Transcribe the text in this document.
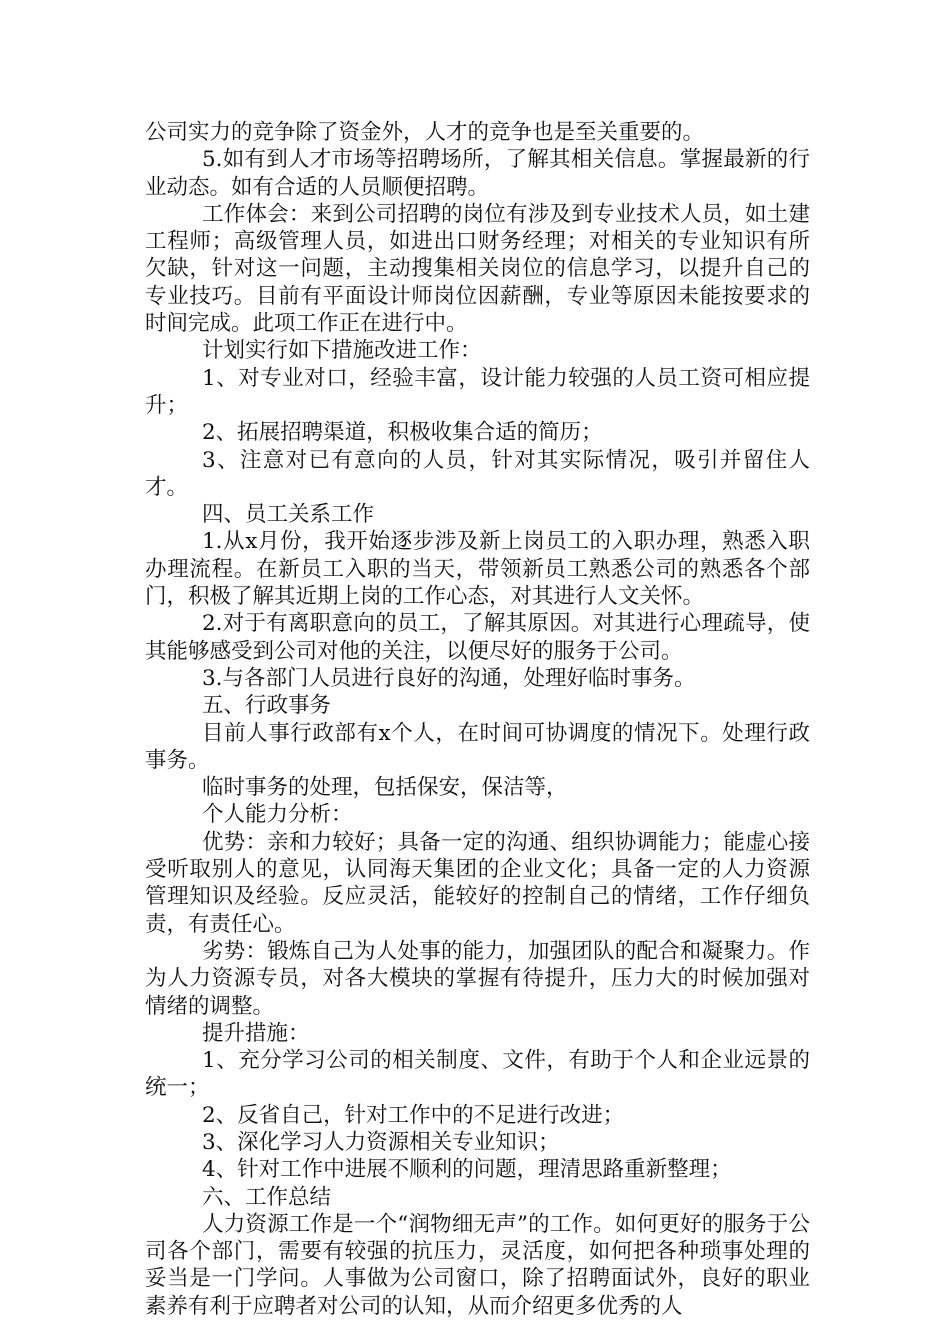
公司实力的竞争除了资金外，人才的竞争也是至关重要的。

5.如有到人才市场等招聘场所，了解其相关信息。掌握最新的行业动态。如有合适的人员顺便招聘。

工作体会：来到公司招聘的岗位有涉及到专业技术人员，如土建工程师；高级管理人员，如进出口财务经理；对相关的专业知识有所欠缺，针对这一问题，主动搜集相关岗位的信息学习，以提升自己的专业技巧。目前有平面设计师岗位因薪酬，专业等原因未能按要求的时间完成。此项工作正在进行中。

计划实行如下措施改进工作：

1、对专业对口，经验丰富，设计能力较强的人员工资可相应提升；

2、拓展招聘渠道，积极收集合适的简历；

3、注意对已有意向的人员，针对其实际情况，吸引并留住人才。

四、员工关系工作

1.从x月份，我开始逐步涉及新上岗员工的入职办理，熟悉入职办理流程。在新员工入职的当天，带领新员工熟悉公司的熟悉各个部门，积极了解其近期上岗的工作心态，对其进行人文关怀。

2.对于有离职意向的员工，了解其原因。对其进行心理疏导，使其能够感受到公司对他的关注，以便尽好的服务于公司。

3.与各部门人员进行良好的沟通，处理好临时事务。

五、行政事务

目前人事行政部有x个人，在时间可协调度的情况下。处理行政事务。

临时事务的处理，包括保安，保洁等，

个人能力分析：

优势：亲和力较好；具备一定的沟通、组织协调能力；能虚心接受听取别人的意见，认同海天集团的企业文化；具备一定的人力资源管理知识及经验。反应灵活，能较好的控制自己的情绪，工作仔细负责，有责任心。

劣势：锻炼自己为人处事的能力，加强团队的配合和凝聚力。作为人力资源专员，对各大模块的掌握有待提升，压力大的时候加强对情绪的调整。

提升措施：

1、充分学习公司的相关制度、文件，有助于个人和企业远景的统一；

2、反省自己，针对工作中的不足进行改进；

3、深化学习人力资源相关专业知识；

4、针对工作中进展不顺利的问题，理清思路重新整理；

六、工作总结

人力资源工作是一个“润物细无声”的工作。如何更好的服务于公司各个部门，需要有较强的抗压力，灵活度，如何把各种琐事处理的妥当是一门学问。人事做为公司窗口，除了招聘面试外，良好的职业素养有利于应聘者对公司的认知，从而介绍更多优秀的人
